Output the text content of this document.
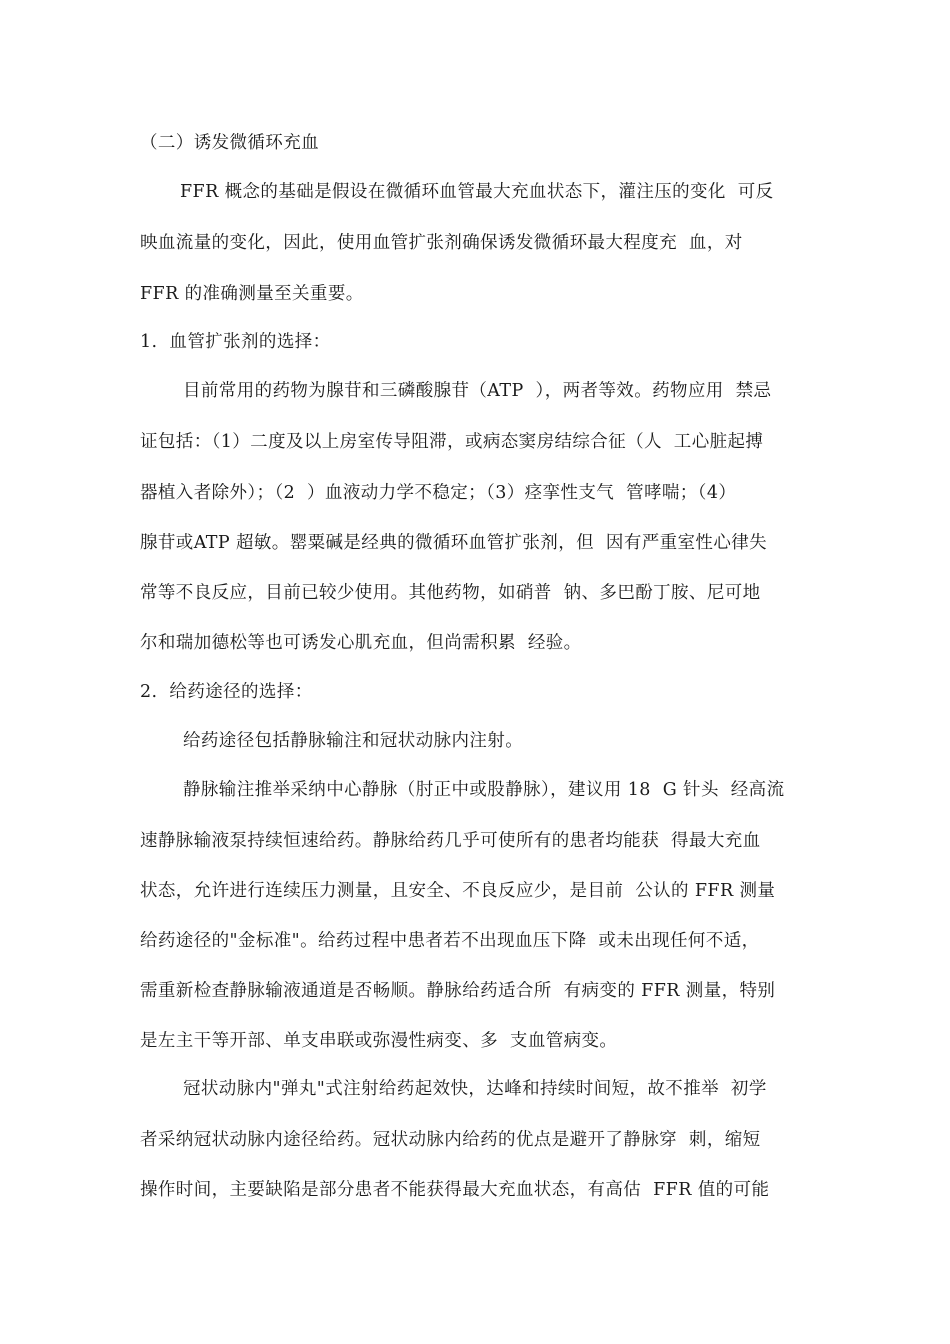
（二）诱发微循环充血
FFR 概念的基础是假设在微循环血管最大充血状态下，灌注压的变化  可反
映血流量的变化，因此，使用血管扩张剂确保诱发微循环最大程度充  血，对
FFR 的准确测量至关重要。
1.  血管扩张剂的选择：
目前常用的药物为腺苷和三磷酸腺苷（ATP  ），两者等效。药物应用  禁忌
证包括：（1）二度及以上房室传导阻滞，或病态窦房结综合征（人  工心脏起搏
器植入者除外）；（2  ）血液动力学不稳定；（3）痉挛性支气  管哮喘；（4）
腺苷或ATP 超敏。罂粟碱是经典的微循环血管扩张剂，但  因有严重室性心律失
常等不良反应，目前已较少使用。其他药物，如硝普  钠、多巴酚丁胺、尼可地
尔和瑞加德松等也可诱发心肌充血，但尚需积累  经验。
2.  给药途径的选择：
给药途径包括静脉输注和冠状动脉内注射。
静脉输注推举采纳中心静脉（肘正中或股静脉），建议用 18  G 针头  经高流
速静脉输液泵持续恒速给药。静脉给药几乎可使所有的患者均能获  得最大充血
状态，允许进行连续压力测量，且安全、不良反应少，是目前  公认的 FFR 测量
给药途径的"金标准"。给药过程中患者若不出现血压下降  或未出现任何不适，
需重新检查静脉输液通道是否畅顺。静脉给药适合所  有病变的 FFR 测量，特别
是左主干等开部、单支串联或弥漫性病变、多  支血管病变。
冠状动脉内"弹丸"式注射给药起效快，达峰和持续时间短，故不推举  初学
者采纳冠状动脉内途径给药。冠状动脉内给药的优点是避开了静脉穿  刺，缩短
操作时间，主要缺陷是部分患者不能获得最大充血状态，有高估  FFR 值的可能
